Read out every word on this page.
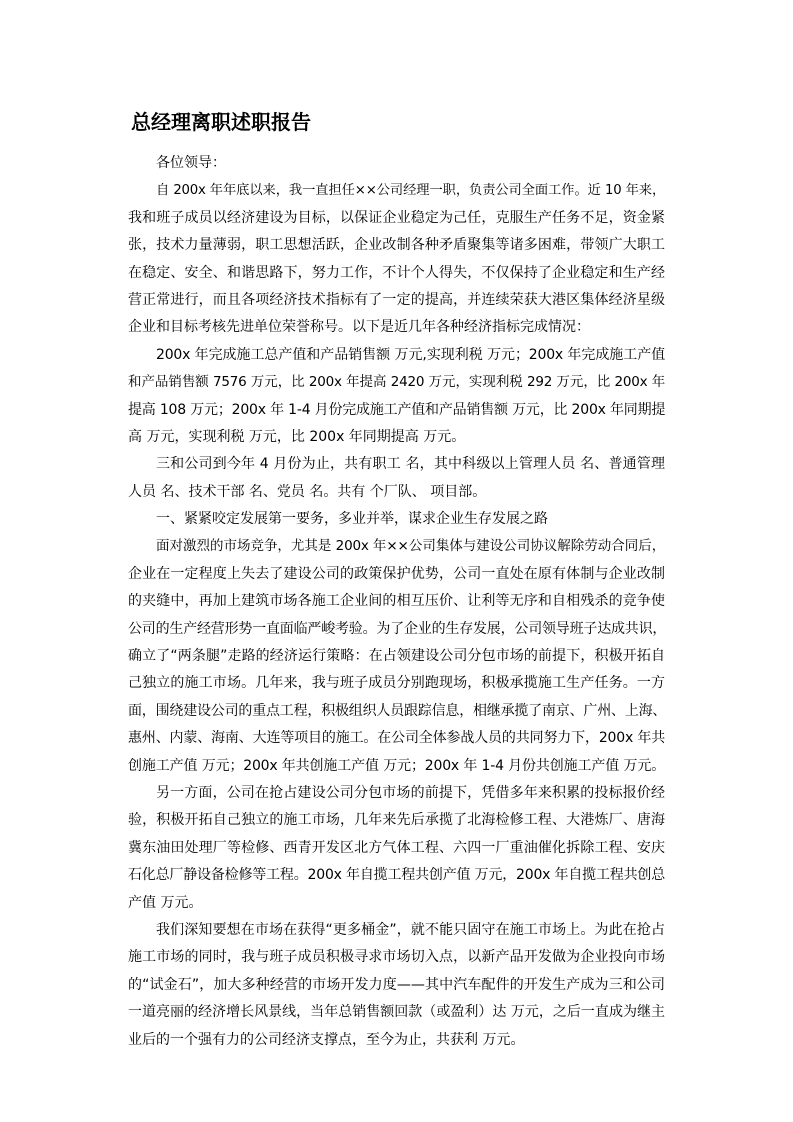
总经理离职述职报告
各位领导：
自 200x 年年底以来，我一直担任××公司经理一职，负责公司全面工作。近 10 年来，
我和班子成员以经济建设为目标，以保证企业稳定为己任，克服生产任务不足，资金紧
张，技术力量薄弱，职工思想活跃，企业改制各种矛盾聚集等诸多困难，带领广大职工
在稳定、安全、和谐思路下，努力工作，不计个人得失，不仅保持了企业稳定和生产经
营正常进行，而且各项经济技术指标有了一定的提高，并连续荣获大港区集体经济星级
企业和目标考核先进单位荣誉称号。以下是近几年各种经济指标完成情况：
200x 年完成施工总产值和产品销售额 万元,实现利税 万元；200x 年完成施工产值
和产品销售额 7576 万元，比 200x 年提高 2420 万元，实现利税 292 万元，比 200x 年
提高 108 万元；200x 年 1-4 月份完成施工产值和产品销售额 万元，比 200x 年同期提
高 万元，实现利税 万元，比 200x 年同期提高 万元。
三和公司到今年 4 月份为止，共有职工 名，其中科级以上管理人员 名、普通管理
人员 名、技术干部 名、党员 名。共有 个厂队、 项目部。
一、紧紧咬定发展第一要务，多业并举，谋求企业生存发展之路
面对激烈的市场竞争，尤其是 200x 年××公司集体与建设公司协议解除劳动合同后，
企业在一定程度上失去了建设公司的政策保护优势，公司一直处在原有体制与企业改制
的夹缝中，再加上建筑市场各施工企业间的相互压价、让利等无序和自相残杀的竞争使
公司的生产经营形势一直面临严峻考验。为了企业的生存发展，公司领导班子达成共识，
确立了“两条腿”走路的经济运行策略：在占领建设公司分包市场的前提下，积极开拓自
己独立的施工市场。几年来，我与班子成员分别跑现场，积极承揽施工生产任务。一方
面，围绕建设公司的重点工程，积极组织人员跟踪信息，相继承揽了南京、广州、上海、
惠州、内蒙、海南、大连等项目的施工。在公司全体参战人员的共同努力下，200x 年共
创施工产值 万元；200x 年共创施工产值 万元；200x 年 1-4 月份共创施工产值 万元。
另一方面，公司在抢占建设公司分包市场的前提下，凭借多年来积累的投标报价经
验，积极开拓自己独立的施工市场，几年来先后承揽了北海检修工程、大港炼厂、唐海
冀东油田处理厂等检修、西青开发区北方气体工程、六四一厂重油催化拆除工程、安庆
石化总厂静设备检修等工程。200x 年自揽工程共创产值 万元，200x 年自揽工程共创总
产值 万元。
我们深知要想在市场在获得“更多桶金”，就不能只固守在施工市场上。为此在抢占
施工市场的同时，我与班子成员积极寻求市场切入点，以新产品开发做为企业投向市场
的“试金石”，加大多种经营的市场开发力度——其中汽车配件的开发生产成为三和公司
一道亮丽的经济增长风景线，当年总销售额回款（或盈利）达 万元，之后一直成为继主
业后的一个强有力的公司经济支撑点，至今为止，共获利 万元。
